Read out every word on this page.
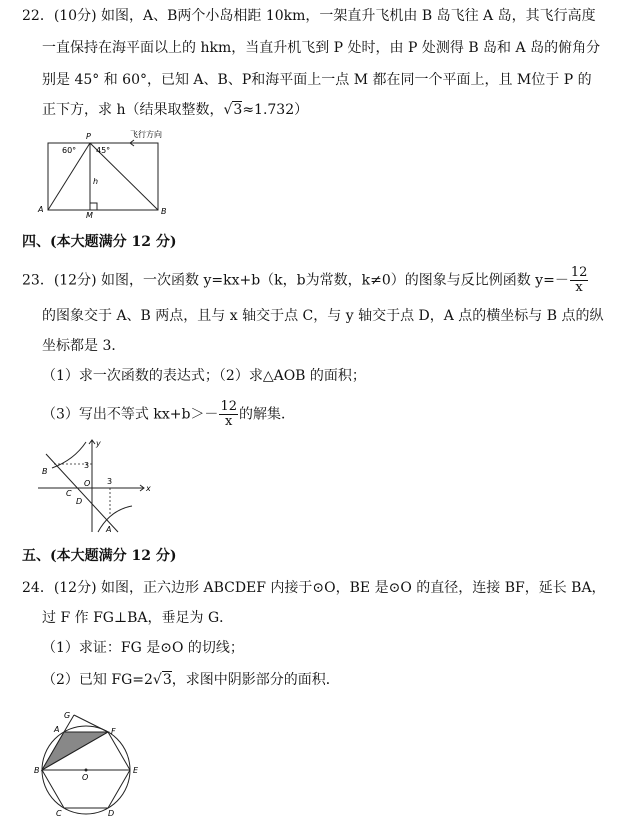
22．(10分) 如图，A、B两个小岛相距 10km，一架直升飞机由 B 岛飞往 A 岛，其飞行高度
一直保持在海平面以上的 hkm，当直升机飞到 P 处时，由 P 处测得 B 岛和 A 岛的俯角分
别是 45° 和 60°，已知 A、B、P和海平面上一点 M 都在同一个平面上，且 M位于 P 的
正下方，求 h（结果取整数，√3≈1.732）
P
60° 45°
飞行方向
h
A
M	B
四、(本大题满分 12 分)
23．(12分) 如图，一次函数 y=kx+b（k，b为常数，k≠0）的图象与反比例函数 $y=- \frac{12}{x}$
的图象交于 A、B 两点，且与 x 轴交于点 C，与 y 轴交于点 D，A 点的横坐标与 B 点的纵
坐标都是 3．
（1）求一次函数的表达式；（2）求△AOB 的面积；
（3）写出不等式 $kx+b>- \frac{12}{x}$ 的解集．
y
3
B
O 3
x
C
D
A
五、(本大题满分 12 分)
24．(12分) 如图，正六边形 ABCDEF 内接于⊙O，BE 是⊙O 的直径，连接 BF，延长 BA，
过 F 作 FG⊥BA，垂足为 G．
（1）求证：FG 是⊙O 的切线；
（2）已知 FG=2√3，求图中阴影部分的面积．
G
A	F
B
O
E
C	D
